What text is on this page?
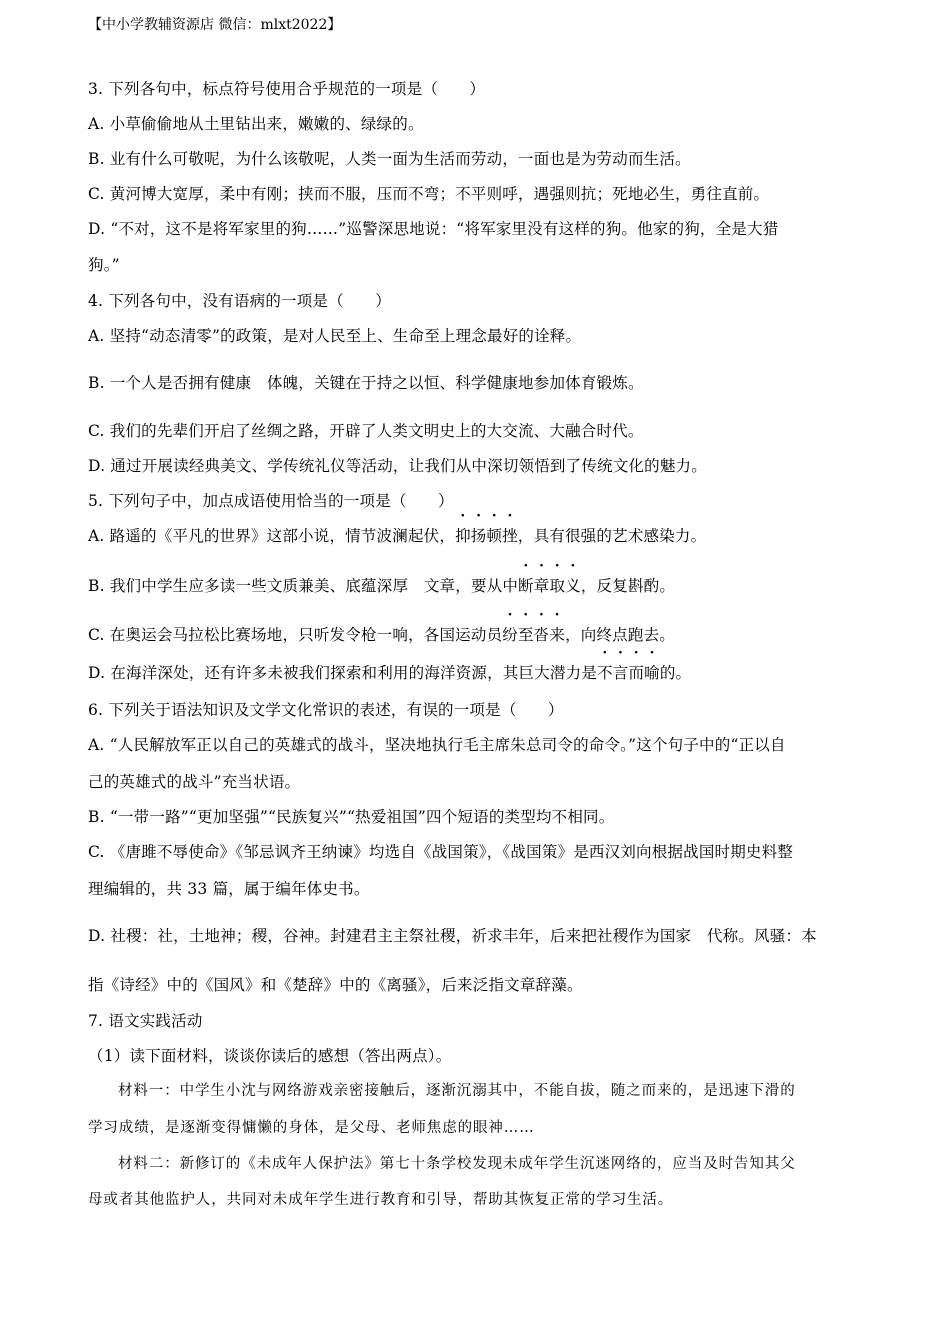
【中小学教辅资源店 微信：mlxt2022】
3. 下列各句中，标点符号使用合乎规范的一项是（　　）
A. 小草偷偷地从土里钻出来，嫩嫩的、绿绿的。
B. 业有什么可敬呢，为什么该敬呢，人类一面为生活而劳动，一面也是为劳动而生活。
C. 黄河博大宽厚，柔中有刚；挟而不服，压而不弯；不平则呼，遇强则抗；死地必生，勇往直前。
D. “不对，这不是将军家里的狗……”巡警深思地说：“将军家里没有这样的狗。他家的狗，全是大猎
狗。”
4. 下列各句中，没有语病的一项是（　　）
A. 坚持“动态清零”的政策，是对人民至上、生命至上理念最好的诠释。
B. 一个人是否拥有健康　体魄，关键在于持之以恒、科学健康地参加体育锻炼。
C. 我们的先辈们开启了丝绸之路，开辟了人类文明史上的大交流、大融合时代。
D. 通过开展读经典美文、学传统礼仪等活动，让我们从中深切领悟到了传统文化的魅力。
5. 下列句子中，加点成语使用恰当的一项是（　　）
A. 路遥的《平凡的世界》这部小说，情节波澜起伏，抑扬顿挫，具有很强的艺术感染力。
B. 我们中学生应多读一些文质兼美、底蕴深厚　文章，要从中断章取义，反复斟酌。
C. 在奥运会马拉松比赛场地，只听发令枪一响，各国运动员纷至沓来，向终点跑去。
D. 在海洋深处，还有许多未被我们探索和利用的海洋资源，其巨大潜力是不言而喻的。
6. 下列关于语法知识及文学文化常识的表述，有误的一项是（　　）
A. “人民解放军正以自己的英雄式的战斗，坚决地执行毛主席朱总司令的命令。”这个句子中的“正以自
己的英雄式的战斗”充当状语。
B. “一带一路”“更加坚强”“民族复兴”“热爱祖国”四个短语的类型均不相同。
C. 《唐雎不辱使命》《邹忌讽齐王纳谏》均选自《战国策》，《战国策》是西汉刘向根据战国时期史料整
理编辑的，共 33 篇，属于编年体史书。
D. 社稷：社，土地神；稷，谷神。封建君主主祭社稷，祈求丰年，后来把社稷作为国家　代称。风骚：本
指《诗经》中的《国风》和《楚辞》中的《离骚》，后来泛指文章辞藻。
7. 语文实践活动
（1）读下面材料，谈谈你读后的感想（答出两点）。
材料一：中学生小沈与网络游戏亲密接触后，逐渐沉溺其中，不能自拔，随之而来的，是迅速下滑的
学习成绩，是逐渐变得慵懒的身体，是父母、老师焦虑的眼神……
材料二：新修订的《未成年人保护法》第七十条学校发现未成年学生沉迷网络的，应当及时告知其父
母或者其他监护人，共同对未成年学生进行教育和引导，帮助其恢复正常的学习生活。
